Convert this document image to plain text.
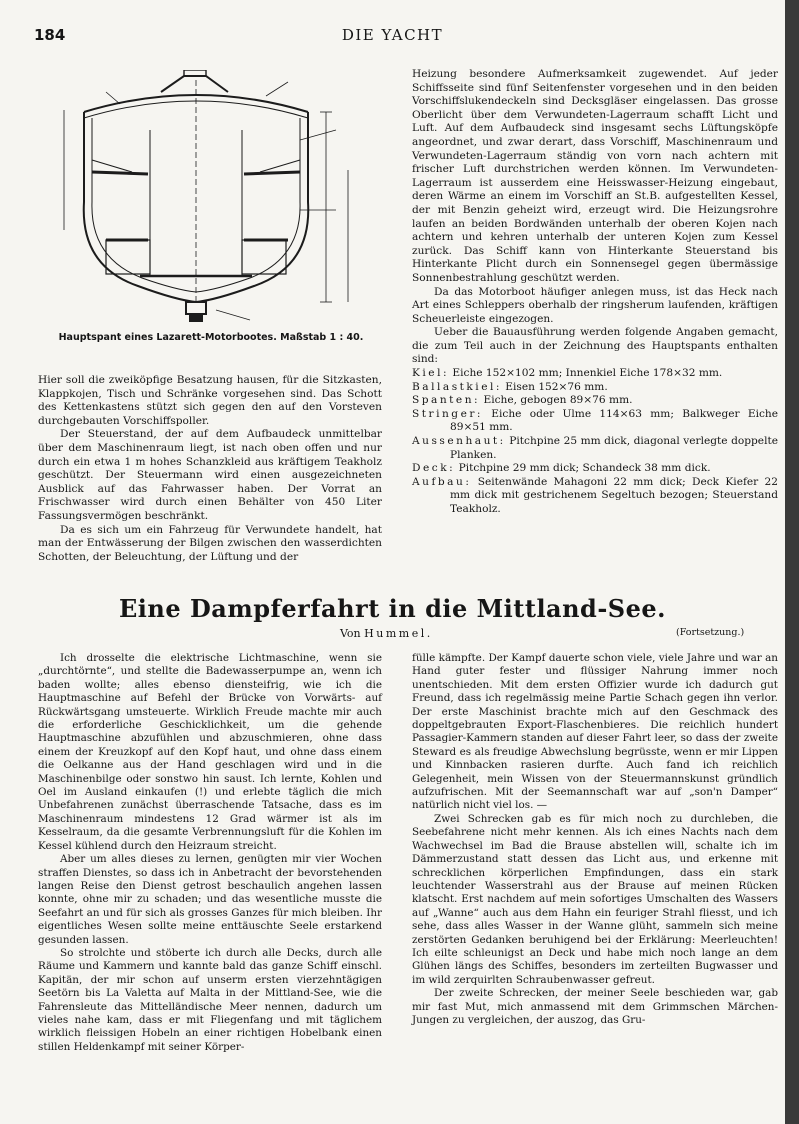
DIE YACHT
184
Hauptspant eines Lazarett-Motorbootes. Maßstab 1 : 40.

Hier soll die zweiköpfige Besatzung hausen, für die Sitzkasten, Klappkojen, Tisch und Schränke vorgesehen sind. Das Schott des Kettenkastens stützt sich gegen den auf den Vorsteven durchgebauten Vorschiffspoller.

Der Steuerstand, der auf dem Aufbaudeck unmittelbar über dem Maschinenraum liegt, ist nach oben offen und nur durch ein etwa 1 m hohes Schanzkleid aus kräftigem Teakholz geschützt. Der Steuermann wird einen ausgezeichneten Ausblick auf das Fahrwasser haben. Der Vorrat an Frischwasser wird durch einen Behälter von 450 Liter Fassungsvermögen beschränkt.

Da es sich um ein Fahrzeug für Verwundete handelt, hat man der Entwässerung der Bilgen zwischen den wasserdichten Schotten, der Beleuchtung, der Lüftung und der

Heizung besondere Aufmerksamkeit zugewendet. Auf jeder Schiffsseite sind fünf Seitenfenster vorgesehen und in den beiden Vorschiffslukendeckeln sind Decksgläser eingelassen. Das grosse Oberlicht über dem Verwundeten-Lagerraum schafft Licht und Luft. Auf dem Aufbaudeck sind insgesamt sechs Lüftungsköpfe angeordnet, und zwar derart, dass Vorschiff, Maschinenraum und Verwundeten-Lagerraum ständig von vorn nach achtern mit frischer Luft durchstrichen werden können. Im Verwundeten-Lagerraum ist ausserdem eine Heisswasser-Heizung eingebaut, deren Wärme an einem im Vorschiff an St.B. aufgestellten Kessel, der mit Benzin geheizt wird, erzeugt wird. Die Heizungsrohre laufen an beiden Bordwänden unterhalb der oberen Kojen nach achtern und kehren unterhalb der unteren Kojen zum Kessel zurück. Das Schiff kann von Hinterkante Steuerstand bis Hinterkante Plicht durch ein Sonnensegel gegen übermässige Sonnenbestrahlung geschützt werden.

Da das Motorboot häufiger anlegen muss, ist das Heck nach Art eines Schleppers oberhalb der ringsherum laufenden, kräftigen Scheuerleiste eingezogen.

Ueber die Bauausführung werden folgende Angaben gemacht, die zum Teil auch in der Zeichnung des Hauptspants enthalten sind:

Kiel: Eiche 152×102 mm; Innenkiel Eiche 178×32 mm.
Ballastkiel: Eisen 152×76 mm.
Spanten: Eiche, gebogen 89×76 mm.
Stringer: Eiche oder Ulme 114×63 mm; Balkweger Eiche 89×51 mm.
Aussenhaut: Pitchpine 25 mm dick, diagonal verlegte doppelte Planken.
Deck: Pitchpine 29 mm dick; Schandeck 38 mm dick.
Aufbau: Seitenwände Mahagoni 22 mm dick; Deck Kiefer 22 mm dick mit gestrichenem Segeltuch bezogen; Steuerstand Teakholz.
Eine Dampferfahrt in die Mittland-See.
Von Hummel.	(Fortsetzung.)

Ich drosselte die elektrische Lichtmaschine, wenn sie „durchtörnte“, und stellte die Badewasserpumpe an, wenn ich baden wollte; alles ebenso diensteifrig, wie ich die Hauptmaschine auf Befehl der Brücke von Vorwärts- auf Rückwärtsgang umsteuerte. Wirklich Freude machte mir auch die erforderliche Geschicklichkeit, um die gehende Hauptmaschine abzufühlen und abzuschmieren, ohne dass einem der Kreuzkopf auf den Kopf haut, und ohne dass einem die Oelkanne aus der Hand geschlagen wird und in die Maschinenbilge oder sonstwo hin saust. Ich lernte, Kohlen und Oel im Ausland einkaufen (!) und erlebte täglich die mich Unbefahrenen zunächst überraschende Tatsache, dass es im Maschinenraum mindestens 12 Grad wärmer ist als im Kesselraum, da die gesamte Verbrennungsluft für die Kohlen im Kessel kühlend durch den Heizraum streicht.

Aber um alles dieses zu lernen, genügten mir vier Wochen straffen Dienstes, so dass ich in Anbetracht der bevorstehenden langen Reise den Dienst getrost beschaulich angehen lassen konnte, ohne mir zu schaden; und das wesentliche musste die Seefahrt an und für sich als grosses Ganzes für mich bleiben. Ihr eigentliches Wesen sollte meine enttäuschte Seele erstarkend gesunden lassen.

So strolchte und stöberte ich durch alle Decks, durch alle Räume und Kammern und kannte bald das ganze Schiff einschl. Kapitän, der mir schon auf unserm ersten vierzehntägigen Seetörn bis La Valetta auf Malta in der Mittland-See, wie die Fahrensleute das Mittelländische Meer nennen, dadurch um vieles nahe kam, dass er mit Fliegenfang und mit täglichem wirklich fleissigen Hobeln an einer richtigen Hobelbank einen stillen Heldenkampf mit seiner Körper-

fülle kämpfte. Der Kampf dauerte schon viele, viele Jahre und war an Hand guter fester und flüssiger Nahrung immer noch unentschieden. Mit dem ersten Offizier wurde ich dadurch gut Freund, dass ich regelmässig meine Partie Schach gegen ihn verlor. Der erste Maschinist brachte mich auf den Geschmack des doppeltgebrauten Export-Flaschenbieres. Die reichlich hundert Passagier-Kammern standen auf dieser Fahrt leer, so dass der zweite Steward es als freudige Abwechslung begrüsste, wenn er mir Lippen und Kinnbacken rasieren durfte. Auch fand ich reichlich Gelegenheit, mein Wissen von der Steuermannskunst gründlich aufzufrischen. Mit der Seemannschaft war auf „son'n Damper“ natürlich nicht viel los. —

Zwei Schrecken gab es für mich noch zu durchleben, die Seebefahrene nicht mehr kennen. Als ich eines Nachts nach dem Wachwechsel im Bad die Brause abstellen will, schalte ich im Dämmerzustand statt dessen das Licht aus, und erkenne mit schrecklichen körperlichen Empfindungen, dass ein stark leuchtender Wasserstrahl aus der Brause auf meinen Rücken klatscht. Erst nachdem auf mein sofortiges Umschalten des Wassers auf „Wanne“ auch aus dem Hahn ein feuriger Strahl fliesst, und ich sehe, dass alles Wasser in der Wanne glüht, sammeln sich meine zerstörten Gedanken beruhigend bei der Erklärung: Meerleuchten! Ich eilte schleunigst an Deck und habe mich noch lange an dem Glühen längs des Schiffes, besonders im zerteilten Bugwasser und im wild zerquirlten Schraubenwasser gefreut.

Der zweite Schrecken, der meiner Seele beschieden war, gab mir fast Mut, mich anmassend mit dem Grimmschen Märchen-Jungen zu vergleichen, der auszog, das Gru-
